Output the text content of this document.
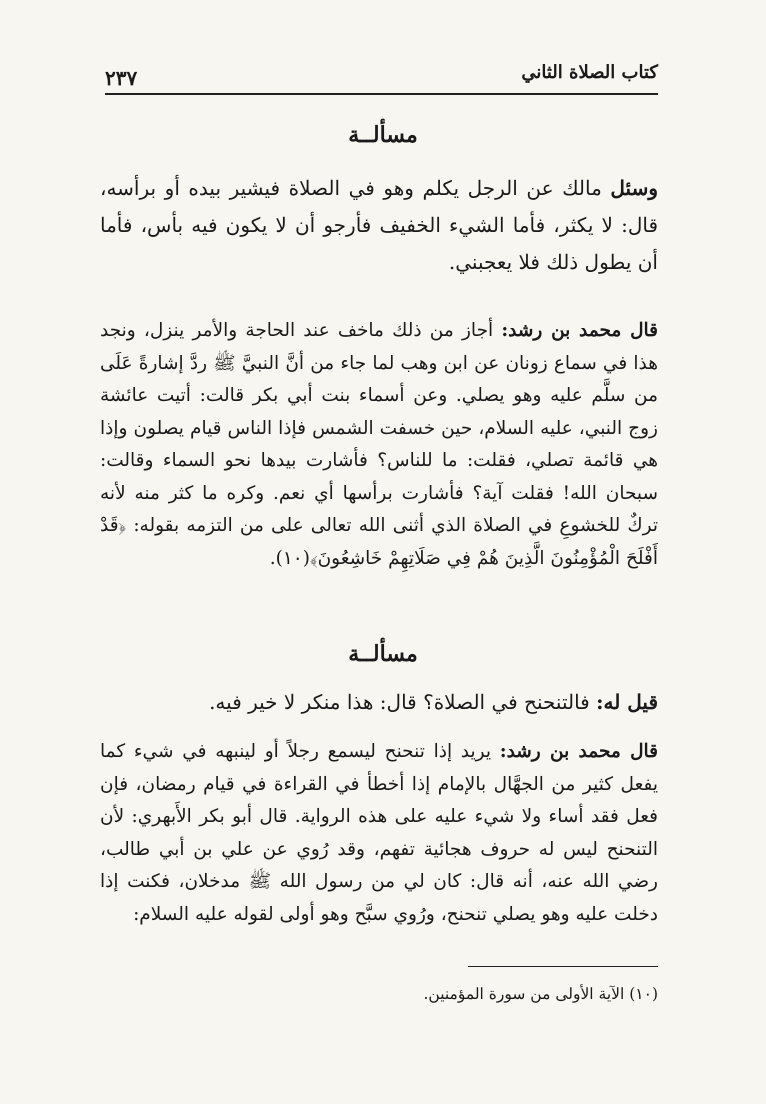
كتاب الصلاة الثاني
٢٣٧
مسألــة
وسئل مالك عن الرجل يكلم وهو في الصلاة فيشير بيده أو برأسه، قال: لا يكثر، فأما الشيء الخفيف فأرجو أن لا يكون فيه بأس، فأما أن يطول ذلك فلا يعجبني.
قال محمد بن رشد: أجاز من ذلك ماخف عند الحاجة والأمر ينزل، ونجد هذا في سماع زونان عن ابن وهب لما جاء من أنَّ النبيَّ ﷺ ردَّ إشارةً عَلَى من سلَّم عليه وهو يصلي. وعن أسماء بنت أبي بكر قالت: أتيت عائشة زوج النبي، عليه السلام، حين خسفت الشمس فإذا الناس قيام يصلون وإذا هي قائمة تصلي، فقلت: ما للناس؟ فأشارت بيدها نحو السماء وقالت: سبحان الله! فقلت آية؟ فأشارت برأسها أي نعم. وكره ما كثر منه لأنه تركٌ للخشوعِ في الصلاة الذي أثنى الله تعالى على من التزمه بقوله: ﴿قَدْ أَفْلَحَ الْمُؤْمِنُونَ الَّذِينَ هُمْ فِي صَلَاتِهِمْ خَاشِعُونَ﴾(١٠).
مسألــة
قيل له: فالتنحنح في الصلاة؟ قال: هذا منكر لا خير فيه.
قال محمد بن رشد: يريد إذا تنحنح ليسمع رجلاً أو لينبهه في شيء كما يفعل كثير من الجهَّال بالإمام إذا أخطأ في القراءة في قيام رمضان، فإن فعل فقد أساء ولا شيء عليه على هذه الرواية. قال أبو بكر الأَبهري: لأن التنحنح ليس له حروف هجائية تفهم، وقد رُوي عن علي بن أبي طالب، رضي الله عنه، أنه قال: كان لي من رسول الله ﷺ مدخلان، فكنت إذا دخلت عليه وهو يصلي تنحنح، ورُوي سبَّح وهو أولى لقوله عليه السلام:
(١٠) الآية الأولى من سورة المؤمنين.
